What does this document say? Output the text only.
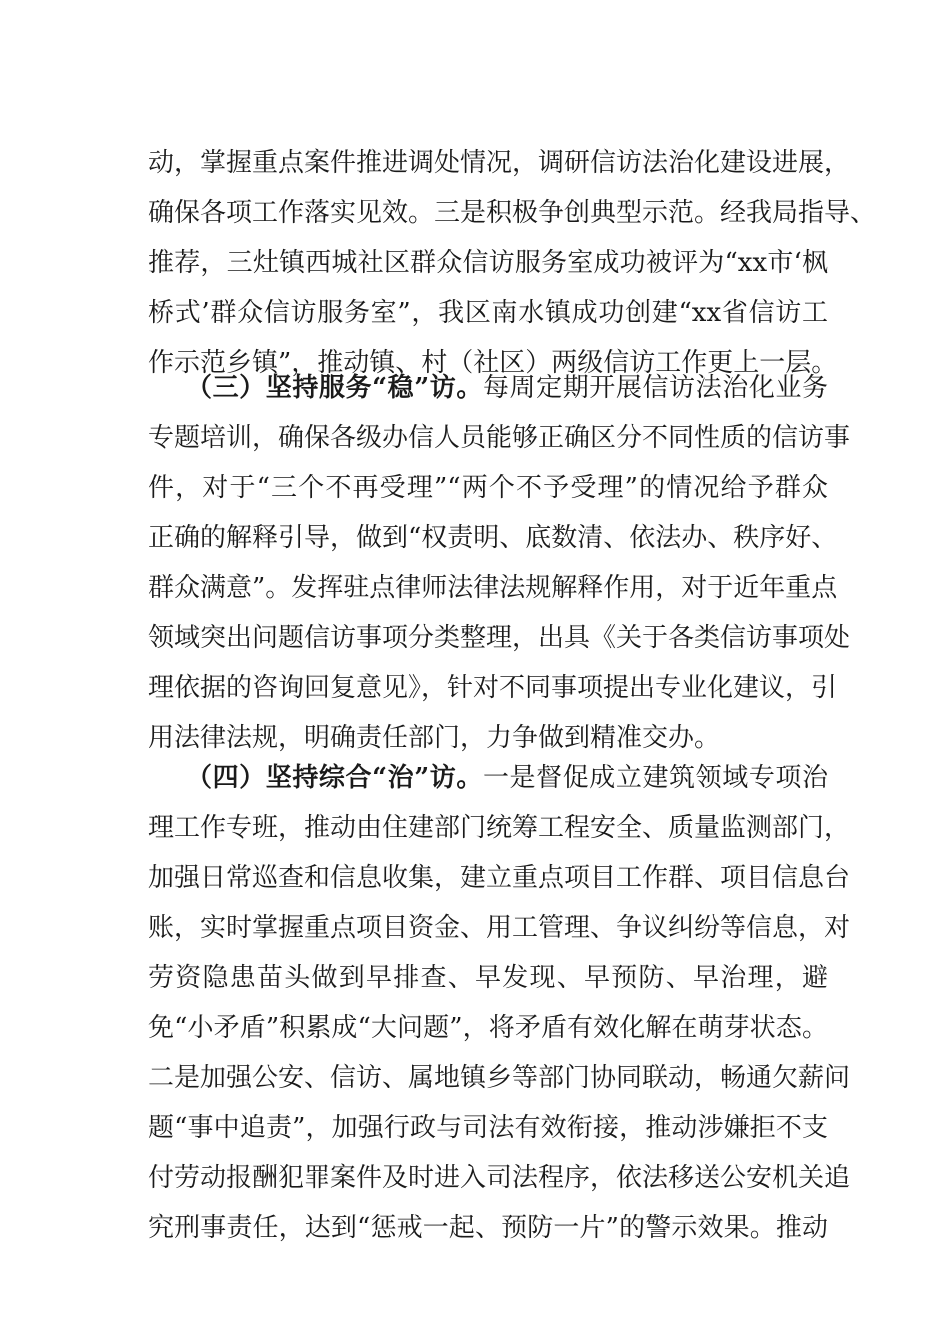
动，掌握重点案件推进调处情况，调研信访法治化建设进展，
确保各项工作落实见效。三是积极争创典型示范。经我局指导、
推荐，三灶镇西城社区群众信访服务室成功被评为“xx市‘枫
桥式’群众信访服务室”，我区南水镇成功创建“xx省信访工
作示范乡镇”，推动镇、村（社区）两级信访工作更上一层。
（三）坚持服务“稳”访。每周定期开展信访法治化业务
专题培训，确保各级办信人员能够正确区分不同性质的信访事
件，对于“三个不再受理”“两个不予受理”的情况给予群众
正确的解释引导，做到“权责明、底数清、依法办、秩序好、
群众满意”。发挥驻点律师法律法规解释作用，对于近年重点
领域突出问题信访事项分类整理，出具《关于各类信访事项处
理依据的咨询回复意见》，针对不同事项提出专业化建议，引
用法律法规，明确责任部门，力争做到精准交办。
（四）坚持综合“治”访。一是督促成立建筑领域专项治
理工作专班，推动由住建部门统筹工程安全、质量监测部门，
加强日常巡查和信息收集，建立重点项目工作群、项目信息台
账，实时掌握重点项目资金、用工管理、争议纠纷等信息，对
劳资隐患苗头做到早排查、早发现、早预防、早治理，避
免“小矛盾”积累成“大问题”，将矛盾有效化解在萌芽状态。
二是加强公安、信访、属地镇乡等部门协同联动，畅通欠薪问
题“事中追责”，加强行政与司法有效衔接，推动涉嫌拒不支
付劳动报酬犯罪案件及时进入司法程序，依法移送公安机关追
究刑事责任，达到“惩戒一起、预防一片”的警示效果。推动
